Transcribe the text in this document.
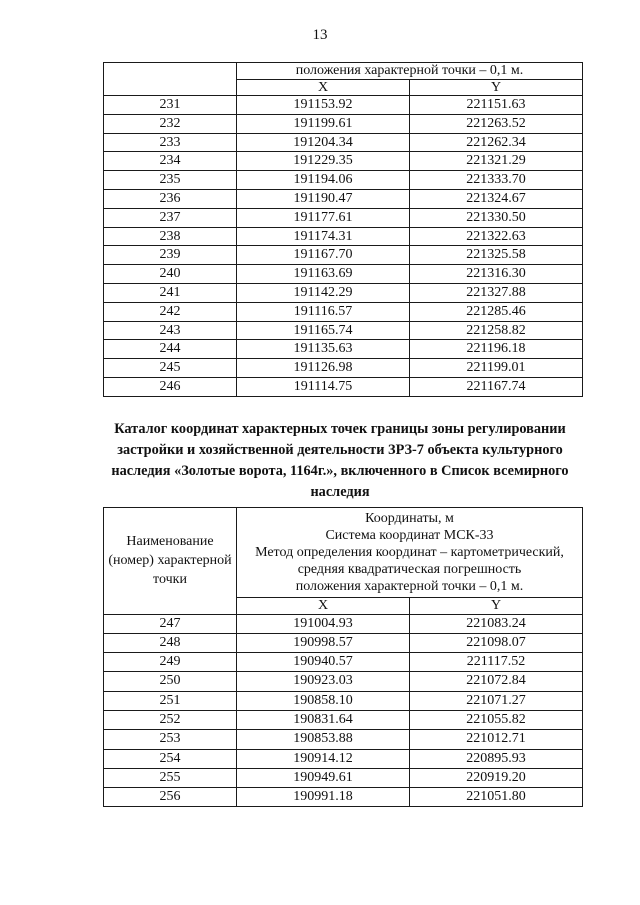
13
	положения характерной точки – 0,1 м.	
	X	Y
231	191153.92	221151.63
232	191199.61	221263.52
233	191204.34	221262.34
234	191229.35	221321.29
235	191194.06	221333.70
236	191190.47	221324.67
237	191177.61	221330.50
238	191174.31	221322.63
239	191167.70	221325.58
240	191163.69	221316.30
241	191142.29	221327.88
242	191116.57	221285.46
243	191165.74	221258.82
244	191135.63	221196.18
245	191126.98	221199.01
246	191114.75	221167.74
Каталог координат характерных точек границы зоны регулировании
застройки и хозяйственной деятельности ЗРЗ-7 объекта культурного
наследия «Золотые ворота, 1164г.», включенного в Список всемирного
наследия
Наименование (номер) характерной точки	Координаты, м
Система координат МСК-33
Метод определения координат – картометрический,
средняя квадратическая погрешность
положения характерной точки – 0,1 м.	

	X	Y
247	191004.93	221083.24
248	190998.57	221098.07
249	190940.57	221117.52
250	190923.03	221072.84
251	190858.10	221071.27
252	190831.64	221055.82
253	190853.88	221012.71
254	190914.12	220895.93
255	190949.61	220919.20
256	190991.18	221051.80
